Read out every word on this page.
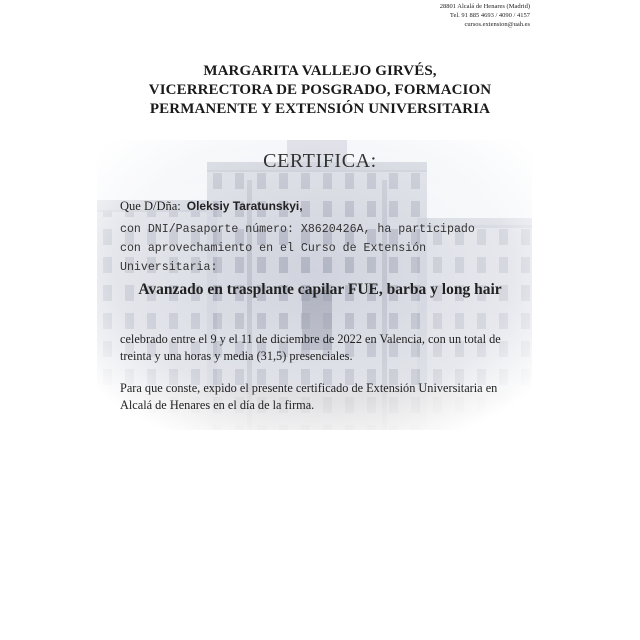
28801 Alcalá de Henares (Madrid)
Tel. 91 885 4693 / 4090 / 4157
cursos.extension@uah.es
MARGARITA VALLEJO GIRVÉS,
VICERRECTORA DE POSGRADO, FORMACION
PERMANENTE Y EXTENSIÓN UNIVERSITARIA
CERTIFICA:
Que D/Dña: Oleksiy Taratunskyi,
con DNI/Pasaporte número: X8620426A, ha participado
con aprovechamiento en el Curso de Extensión Universitaria:
Avanzado en trasplante capilar FUE, barba y long hair
celebrado entre el 9 y el 11 de diciembre de 2022 en Valencia, con un total de treinta y una horas y media (31,5) presenciales.
Para que conste, expido el presente certificado de Extensión Universitaria en Alcalá de Henares en el día de la firma.
